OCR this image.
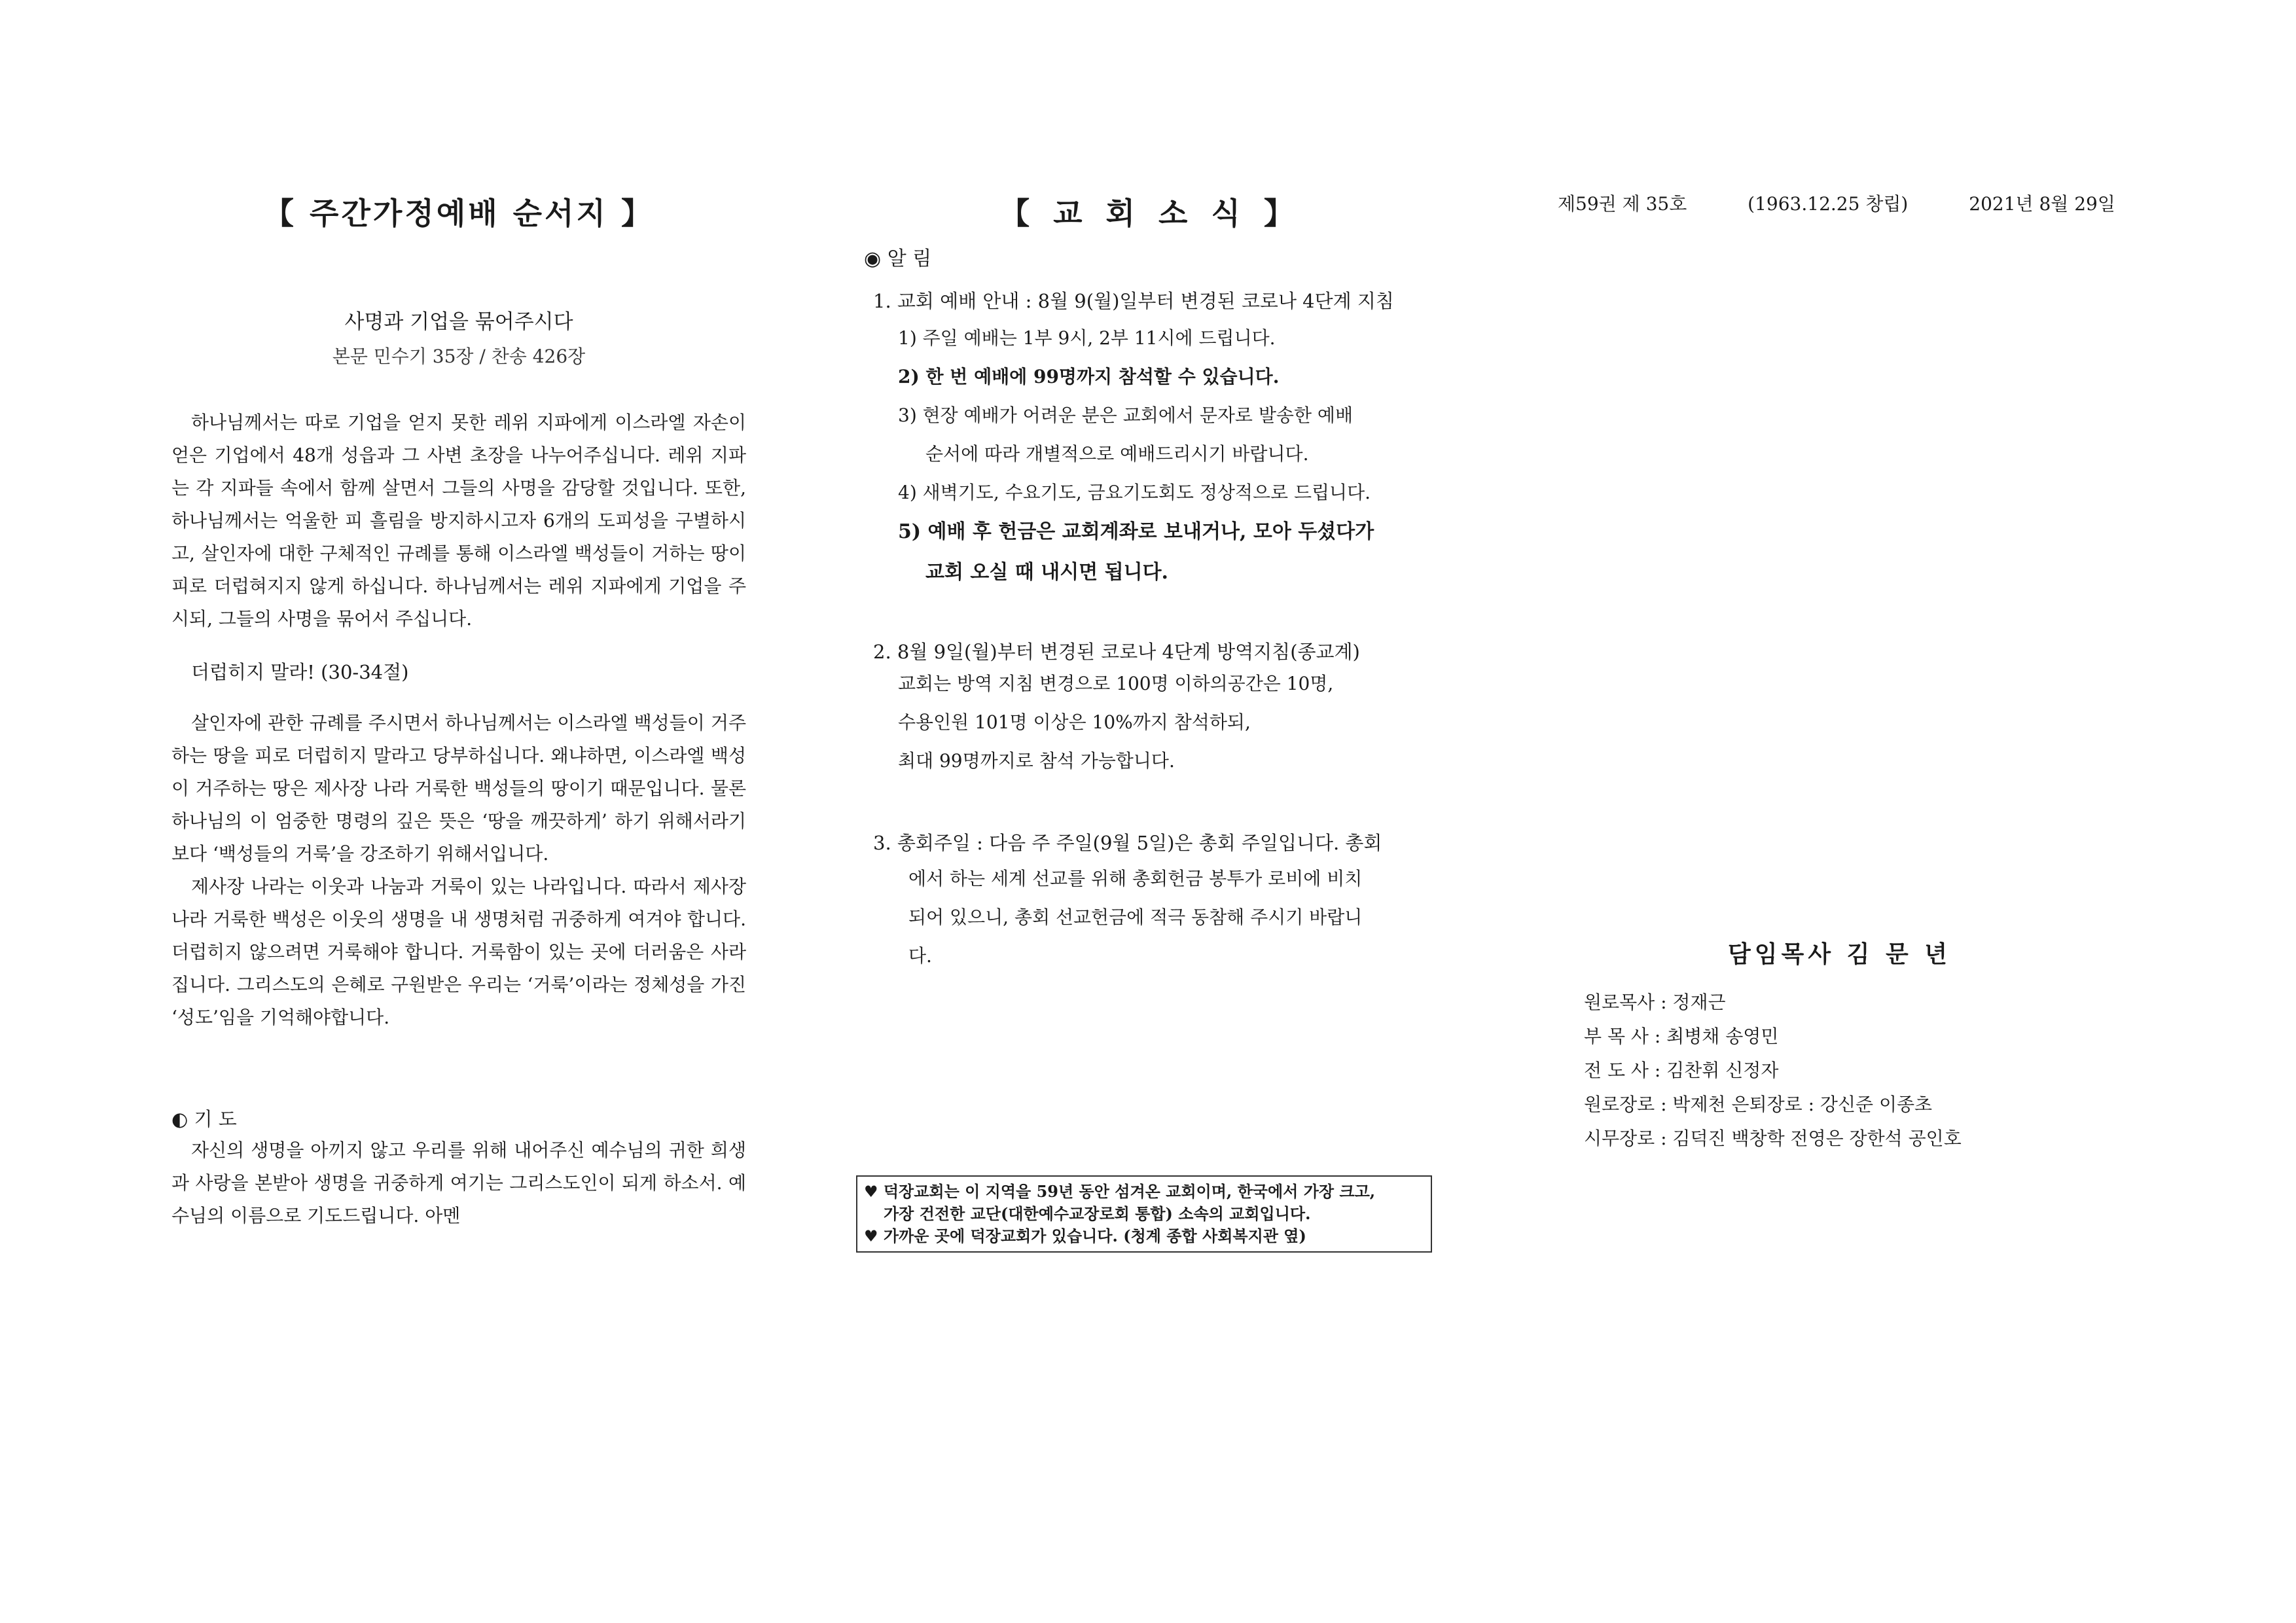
【 주간가정예배 순서지 】
사명과 기업을 묶어주시다
본문 민수기 35장 / 찬송 426장

하나님께서는 따로 기업을 얻지 못한 레위 지파에게 이스라엘 자손이 얻은 기업에서 48개 성읍과 그 사변 초장을 나누어주십니다. 레위 지파는 각 지파들 속에서 함께 살면서 그들의 사명을 감당할 것입니다. 또한, 하나님께서는 억울한 피 흘림을 방지하시고자 6개의 도피성을 구별하시고, 살인자에 대한 구체적인 규례를 통해 이스라엘 백성들이 거하는 땅이 피로 더럽혀지지 않게 하십니다. 하나님께서는 레위 지파에게 기업을 주시되, 그들의 사명을 묶어서 주십니다.

더럽히지 말라! (30-34절)

살인자에 관한 규례를 주시면서 하나님께서는 이스라엘 백성들이 거주하는 땅을 피로 더럽히지 말라고 당부하십니다. 왜냐하면, 이스라엘 백성이 거주하는 땅은 제사장 나라 거룩한 백성들의 땅이기 때문입니다. 물론 하나님의 이 엄중한 명령의 깊은 뜻은 ‘땅을 깨끗하게’ 하기 위해서라기보다 ‘백성들의 거룩’을 강조하기 위해서입니다.

제사장 나라는 이웃과 나눔과 거룩이 있는 나라입니다. 따라서 제사장 나라 거룩한 백성은 이웃의 생명을 내 생명처럼 귀중하게 여겨야 합니다. 더럽히지 않으려면 거룩해야 합니다. 거룩함이 있는 곳에 더러움은 사라집니다. 그리스도의 은혜로 구원받은 우리는 ‘거룩’이라는 정체성을 가진 ‘성도’임을 기억해야합니다.

◐ 기 도

자신의 생명을 아끼지 않고 우리를 위해 내어주신 예수님의 귀한 희생과 사랑을 본받아 생명을 귀중하게 여기는 그리스도인이 되게 하소서. 예수님의 이름으로 기도드립니다. 아멘

【 교 회 소 식 】
◉ 알 림
1. 교회 예배 안내 : 8월 9(월)일부터 변경된 코로나 4단계 지침
1) 주일 예배는 1부 9시, 2부 11시에 드립니다.
2) 한 번 예배에 99명까지 참석할 수 있습니다.
3) 현장 예배가 어려운 분은 교회에서 문자로 발송한 예배
순서에 따라 개별적으로 예배드리시기 바랍니다.
4) 새벽기도, 수요기도, 금요기도회도 정상적으로 드립니다.
5) 예배 후 헌금은 교회계좌로 보내거나, 모아 두셨다가
교회 오실 때 내시면 됩니다.
2. 8월 9일(월)부터 변경된 코로나 4단계 방역지침(종교계)
교회는 방역 지침 변경으로 100명 이하의공간은 10명,
수용인원 101명 이상은 10%까지 참석하되,
최대 99명까지로 참석 가능합니다.
3. 총회주일 : 다음 주 주일(9월 5일)은 총회 주일입니다. 총회
에서 하는 세계 선교를 위해 총회헌금 봉투가 로비에 비치
되어 있으니, 총회 선교헌금에 적극 동참해 주시기 바랍니
다.
♥ 덕장교회는 이 지역을 59년 동안 섬겨온 교회이며, 한국에서 가장 크고,
가장 건전한 교단(대한예수교장로회 통합) 소속의 교회입니다.
♥ 가까운 곳에 덕장교회가 있습니다. (청계 종합 사회복지관 옆)
제59권 제 35호	(1963.12.25 창립)	2021년 8월 29일
담임목사 김 문 년
원로목사 : 정재근
부 목 사 : 최병채 송영민
전 도 사 : 김찬휘 신정자
원로장로 : 박제천 은퇴장로 : 강신준 이종초
시무장로 : 김덕진 백창학 전영은 장한석 공인호
